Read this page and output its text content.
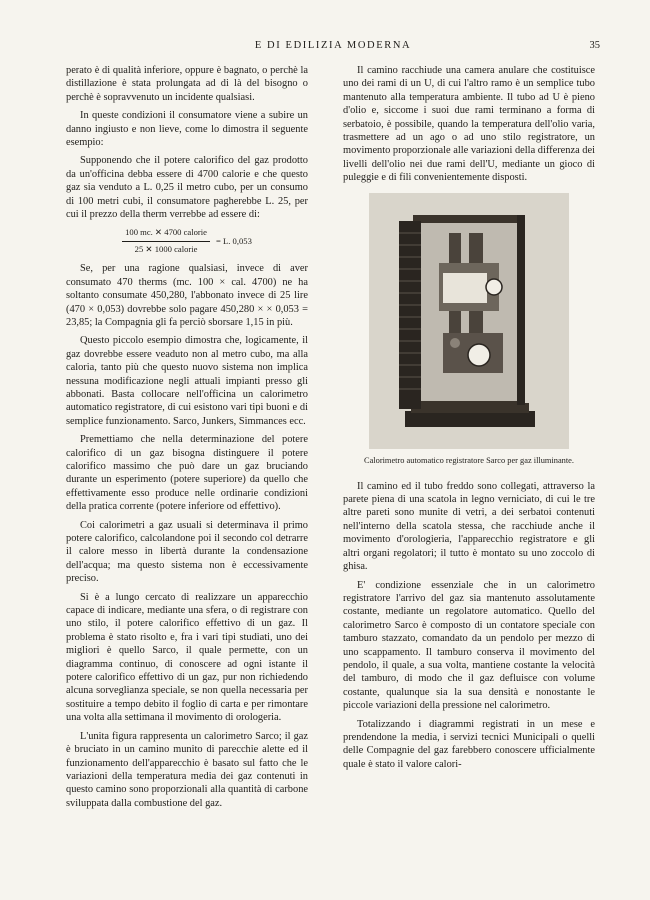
E DI EDILIZIA MODERNA	35

perato è di qualità inferiore, oppure è bagnato, o perchè la distillazione è stata prolungata ad di là del bisogno o perchè è sopravvenuto un incidente qualsiasi.

In queste condizioni il consumatore viene a subire un danno ingiusto e non lieve, come lo dimostra il seguente esempio:

Supponendo che il potere calorifico del gaz prodotto da un'officina debba essere di 4700 calorie e che questo gaz sia venduto a L. 0,25 il metro cubo, per un consumo di 100 metri cubi, il consumatore pagherebbe L. 25, per cui il prezzo della therm verrebbe ad essere di:

$\frac{\text{100 mc. ✕ 4700 calorie}}{\text{25 ✕ 1000 calorie}} = L$. 0,053

Se, per una ragione qualsiasi, invece di aver consumato 470 therms (mc. 100 × cal. 4700) ne ha soltanto consumate 450,280, l'abbonato invece di 25 lire (470 × 0,053) dovrebbe solo pagare 450,280 × × 0,053 = 23,85; la Compagnia gli fa perciò sborsare 1,15 in più.

Questo piccolo esempio dimostra che, logicamente, il gaz dovrebbe essere veaduto non al metro cubo, ma alla caloria, tanto più che questo nuovo sistema non implica nessuna modificazione negli attuali impianti presso gli abbonati. Basta collocare nell'officina un calorimetro automatico registratore, di cui esistono vari tipi buoni e di semplice funzionamento. Sarco, Junkers, Simmances ecc.

Premettiamo che nella determinazione del potere calorifico di un gaz bisogna distinguere il potere calorifico massimo che può dare un gaz bruciando durante un esperimento (potere superiore) da quello che effettivamente esso produce nelle ordinarie condizioni della pratica corrente (potere inferiore od effettivo).

Coi calorimetri a gaz usuali si determinava il primo potere calorifico, calcolandone poi il secondo col detrarre il calore messo in libertà durante la condensazione dell'acqua; ma questo sistema non è eccessivamente preciso.

Si è a lungo cercato di realizzare un apparecchio capace di indicare, mediante una sfera, o di registrare con uno stilo, il potere calorifico effettivo di un gaz. Il problema è stato risolto e, fra i vari tipi studiati, uno dei migliori è quello Sarco, il quale permette, con un diagramma continuo, di conoscere ad ogni istante il potere calorifico effettivo di un gaz, pur non richiedendo alcuna sorveglianza speciale, se non quella necessaria per sostituire a tempo debito il foglio di carta e per rimontare una volta alla settimana il movimento di orologeria.

L'unita figura rappresenta un calorimetro Sarco; il gaz è bruciato in un camino munito di parecchie alette ed il funzionamento dell'apparecchio è basato sul fatto che le variazioni della temperatura media dei gaz contenuti in questo camino sono proporzionali alla quantità di carbone sviluppata dalla combustione del gaz.

Il camino racchiude una camera anulare che costituisce uno dei rami di un U, di cui l'altro ramo è un semplice tubo mantenuto alla temperatura ambiente. Il tubo ad U è pieno d'olio e, siccome i suoi due rami terminano a forma di serbatoio, è possibile, quando la temperatura dell'olio varia, trasmettere ad un ago o ad uno stilo registratore, un movimento proporzionale alle variazioni della differenza dei livelli dell'olio nei due rami dell'U, mediante un gioco di puleggie e di fili convenientemente disposti.

Calorimetro automatico registratore Sarco per gaz illuminante.

Il camino ed il tubo freddo sono collegati, attraverso la parete piena di una scatola in legno verniciato, di cui le tre altre pareti sono munite di vetri, a dei serbatoi contenuti nell'interno della scatola stessa, che racchiude anche il movimento d'orologieria, l'apparecchio registratore e gli altri organi regolatori; il tutto è montato su uno zoccolo di ghisa.

E' condizione essenziale che in un calorimetro registratore l'arrivo del gaz sia mantenuto assolutamente costante, mediante un regolatore automatico. Quello del calorimetro Sarco è composto di un contatore speciale con tamburo stazzato, comandato da un pendolo per mezzo di uno scappamento. Il tamburo conserva il movimento del pendolo, il quale, a sua volta, mantiene costante la velocità del tamburo, di modo che il gaz defluisce con volume costante, qualunque sia la sua densità e nonostante le piccole variazioni della pressione nel calorimetro.

Totalizzando i diagrammi registrati in un mese e prendendone la media, i servizi tecnici Municipali o quelli delle Compagnie del gaz farebbero conoscere ufficialmente quale è stato il valore calori-
